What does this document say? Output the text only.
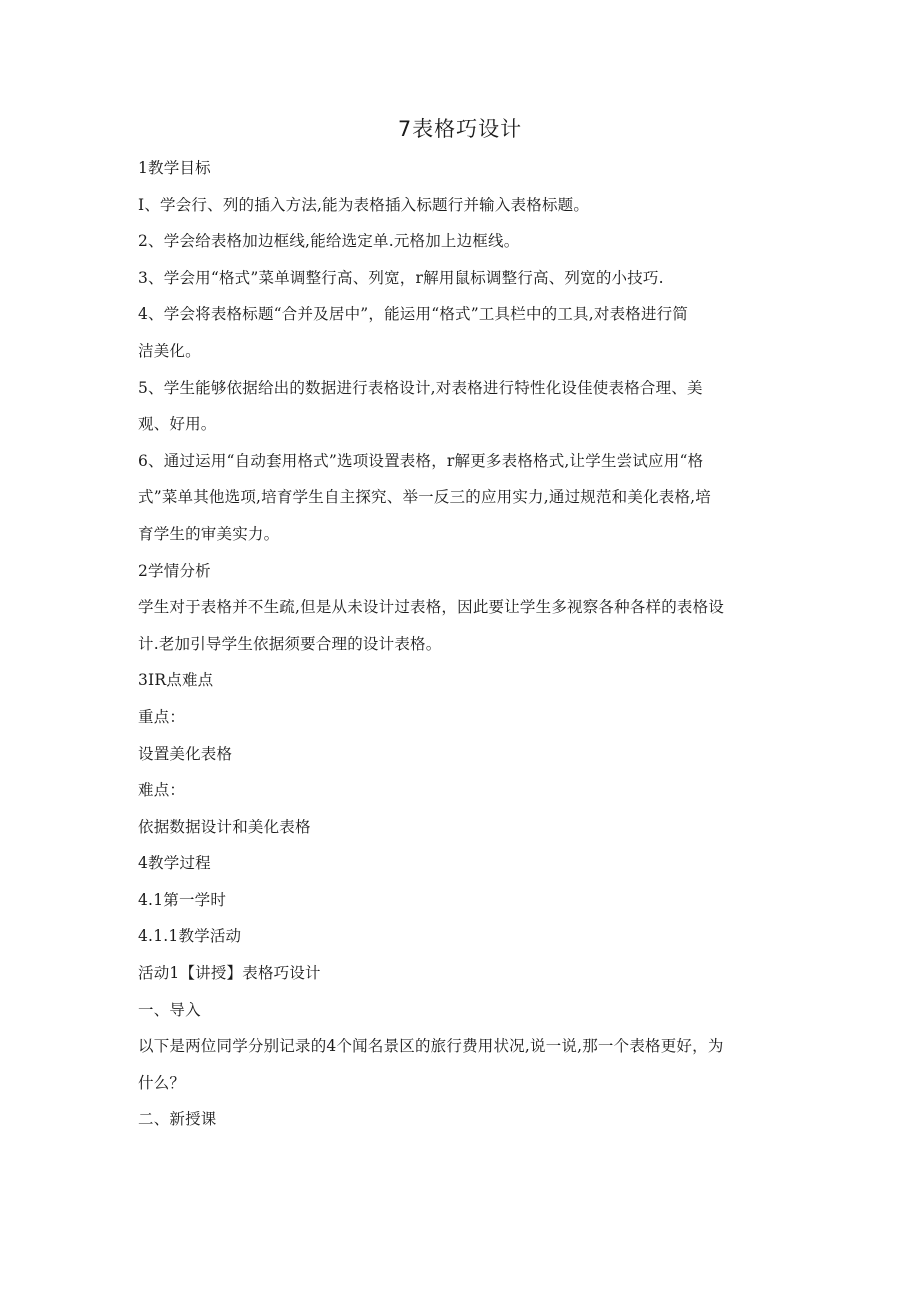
7表格巧设计
1教学目标
I、学会行、列的插入方法,能为表格插入标题行并输入表格标题。
2、学会给表格加边框线,能给选定单.元格加上边框线。
3、学会用“格式”菜单调整行高、列宽，r解用鼠标调整行高、列宽的小技巧.
4、学会将表格标题“合并及居中”，能运用“格式”工具栏中的工具,对表格进行简
洁美化。
5、学生能够依据给出的数据进行表格设计,对表格进行特性化设佳使表格合理、美
观、好用。
6、通过运用“自动套用格式”选项设置表格，r解更多表格格式,让学生尝试应用“格
式”菜单其他选项,培育学生自主探究、举一反三的应用实力,通过规范和美化表格,培
育学生的审美实力。
2学情分析
学生对于表格并不生疏,但是从未设计过表格，因此要让学生多视察各种各样的表格设
计.老加引导学生依据须要合理的设计表格。
3IR点难点
重点：
设置美化表格
难点：
依据数据设计和美化表格
4教学过程
4.1第一学时
4.1.1教学活动
活动1【讲授】表格巧设计
一、导入
以下是两位同学分别记录的4个闻名景区的旅行费用状况,说一说,那一个表格更好，为
什么？
二、新授课
